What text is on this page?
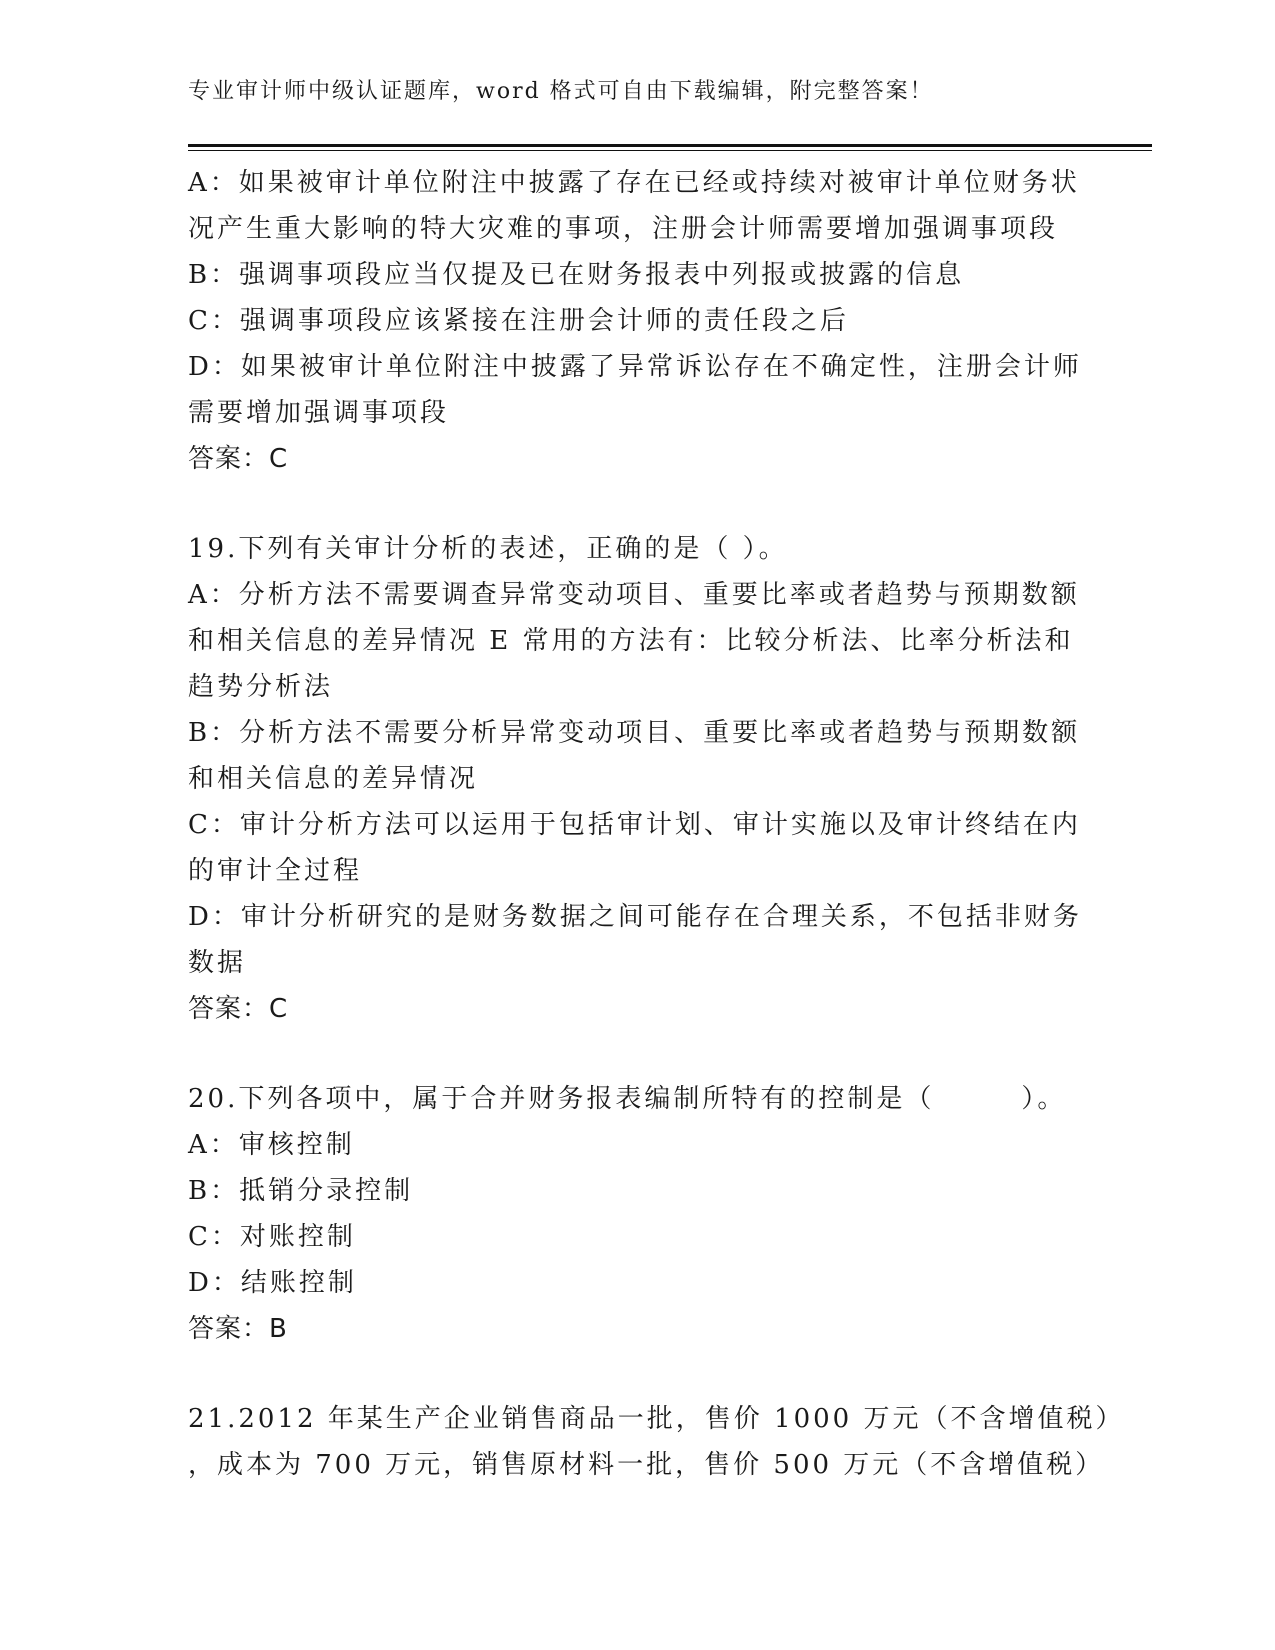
专业审计师中级认证题库，word 格式可自由下载编辑，附完整答案！
A：如果被审计单位附注中披露了存在已经或持续对被审计单位财务状
况产生重大影响的特大灾难的事项，注册会计师需要增加强调事项段
B：强调事项段应当仅提及已在财务报表中列报或披露的信息
C：强调事项段应该紧接在注册会计师的责任段之后
D：如果被审计单位附注中披露了异常诉讼存在不确定性，注册会计师
需要增加强调事项段
答案：C
19.下列有关审计分析的表述，正确的是（ ）。
A：分析方法不需要调查异常变动项目、重要比率或者趋势与预期数额
和相关信息的差异情况 E 常用的方法有：比较分析法、比率分析法和
趋势分析法
B：分析方法不需要分析异常变动项目、重要比率或者趋势与预期数额
和相关信息的差异情况
C：审计分析方法可以运用于包括审计划、审计实施以及审计终结在内
的审计全过程
D：审计分析研究的是财务数据之间可能存在合理关系，不包括非财务
数据
答案：C
20.下列各项中，属于合并财务报表编制所特有的控制是（　　　）。
A：审核控制
B：抵销分录控制
C：对账控制
D：结账控制
答案：B
21.2012 年某生产企业销售商品一批，售价 1000 万元（不含增值税）
，成本为 700 万元，销售原材料一批，售价 500 万元（不含增值税）
